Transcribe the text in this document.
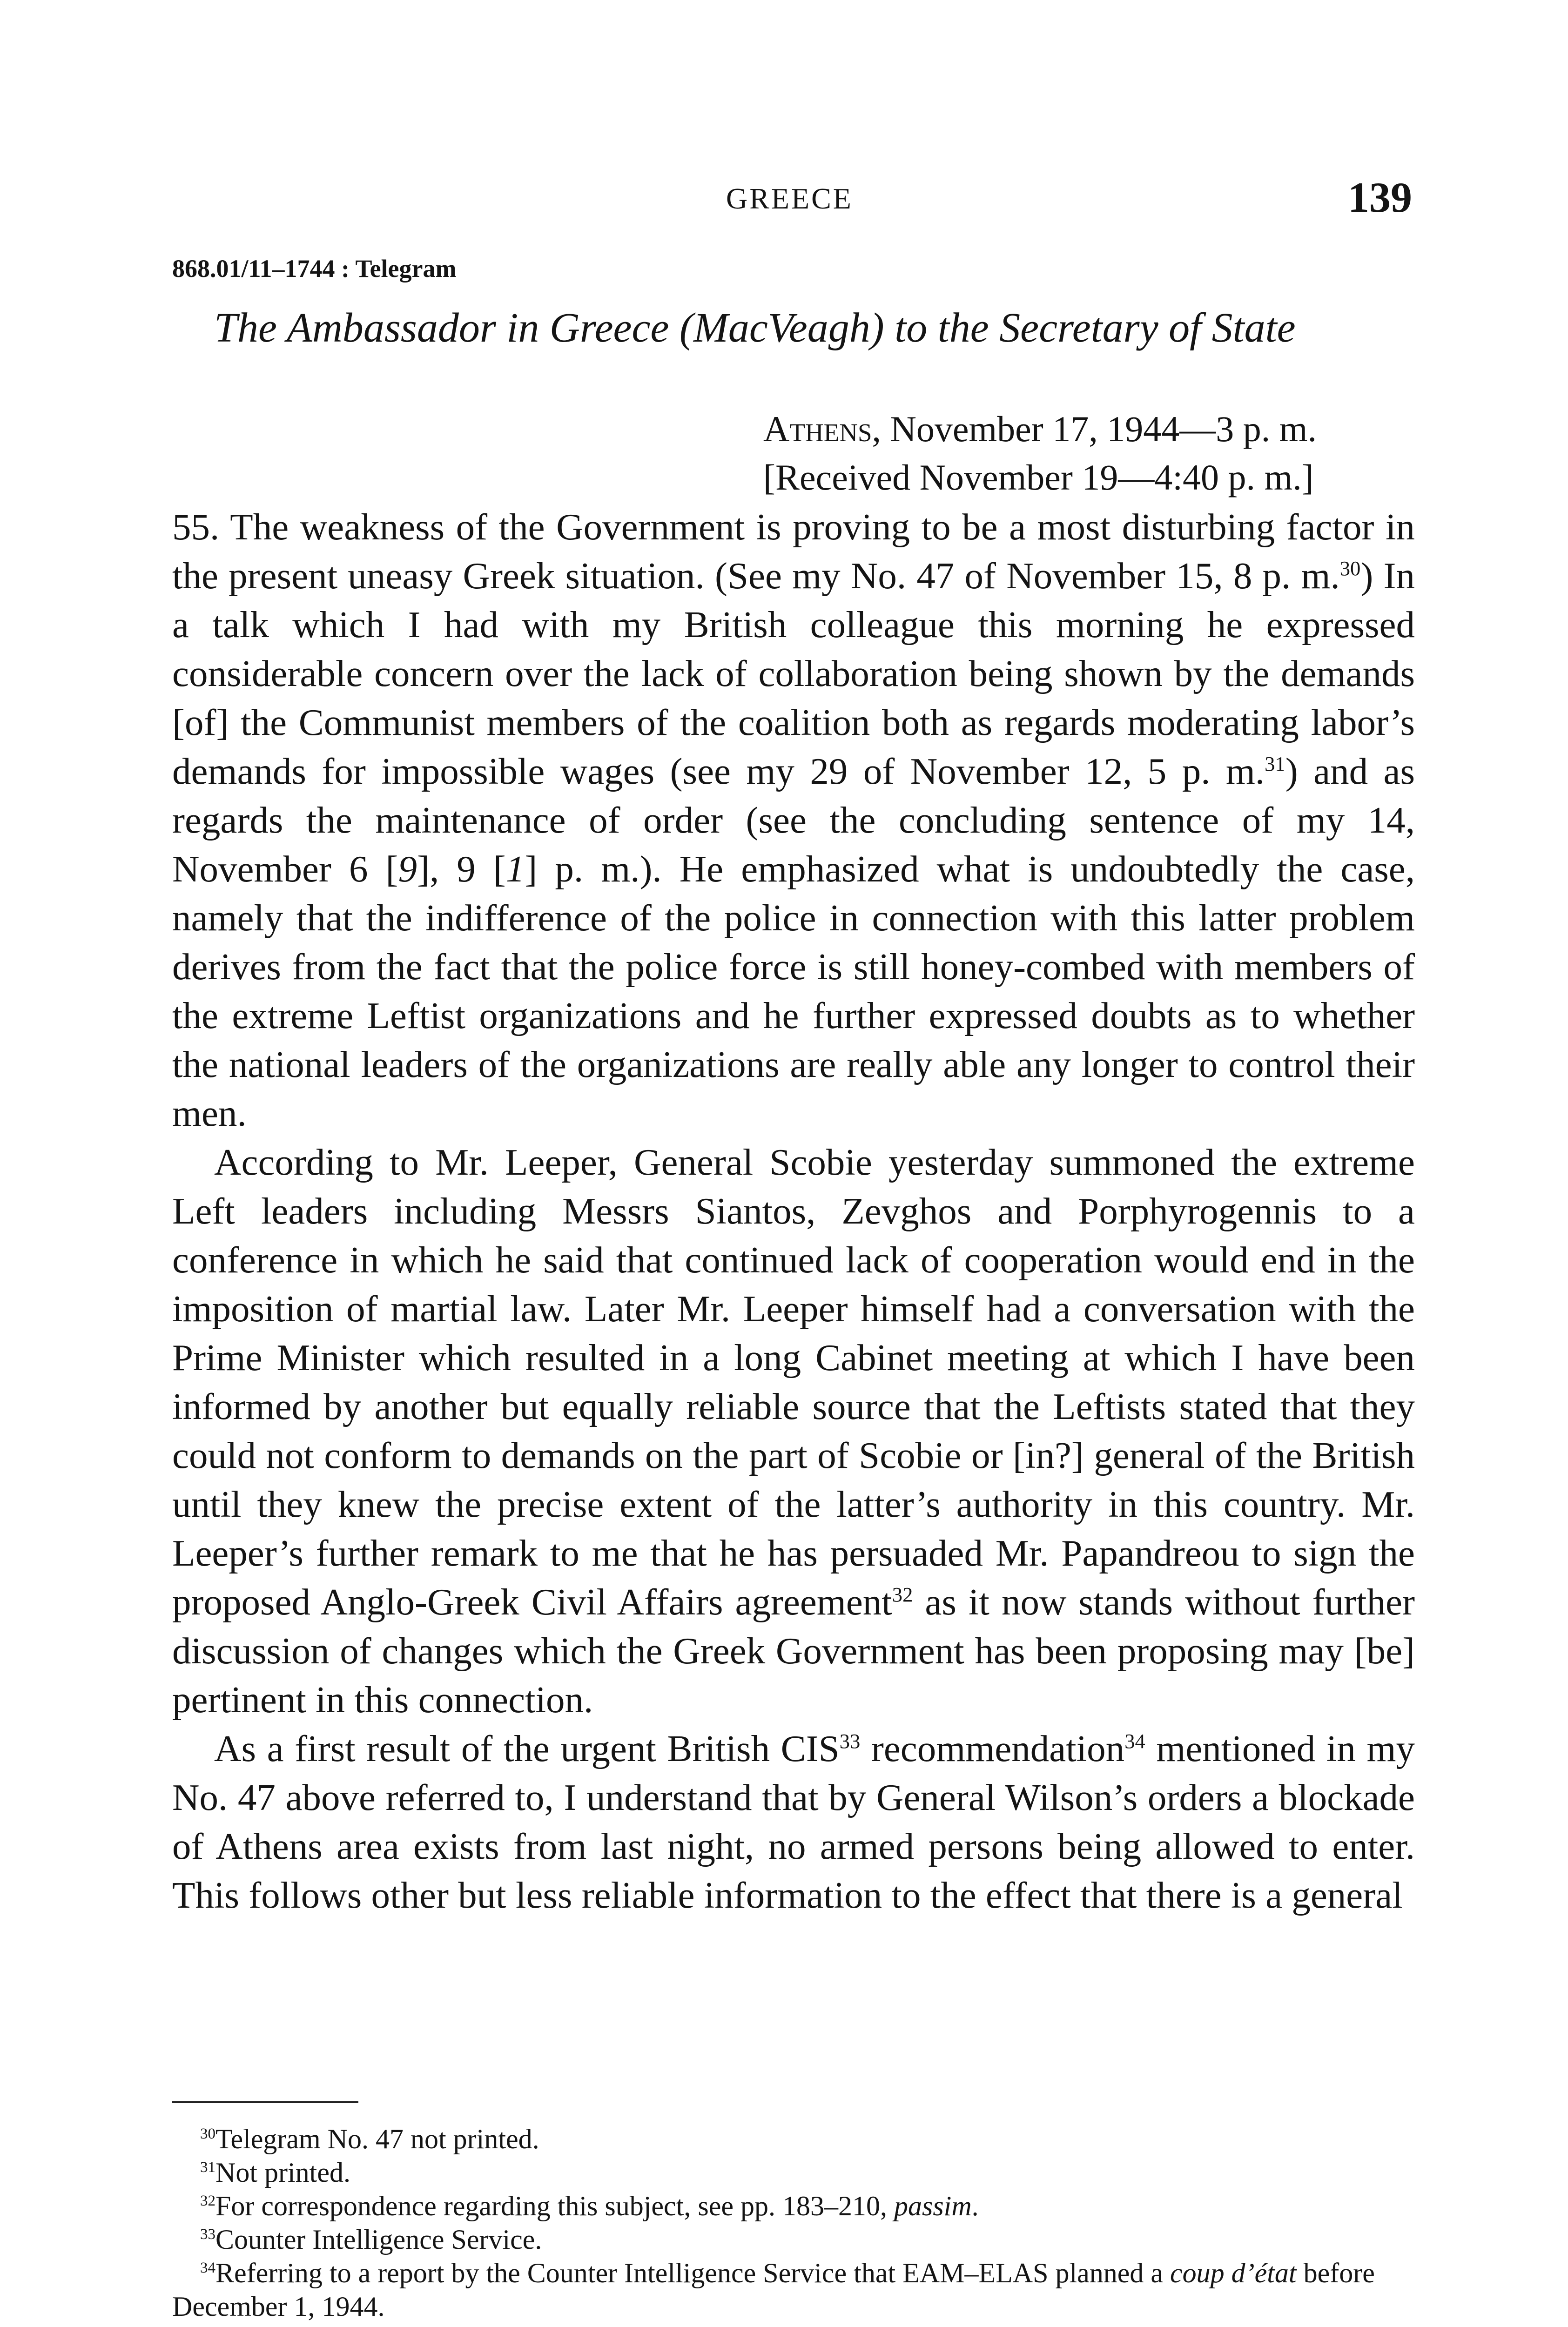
GREECE	139
868.01/11–1744 : Telegram
The Ambassador in Greece (MacVeagh) to the Secretary of State
Athens, November 17, 1944—3 p. m.
[Received November 19—4:40 p. m.]

55. The weakness of the Government is proving to be a most disturbing factor in the present uneasy Greek situation. (See my No. 47 of November 15, 8 p. m.$^{30}$) In a talk which I had with my British colleague this morning he expressed considerable concern over the lack of collaboration being shown by the demands [of] the Communist members of the coalition both as regards moderating labor’s demands for impossible wages (see my 29 of November 12, 5 p. m.$^{31}$) and as regards the maintenance of order (see the concluding sentence of my 14, November 6 [9], 9 [1] p. m.). He emphasized what is undoubtedly the case, namely that the indifference of the police in connection with this latter problem derives from the fact that the police force is still honey-combed with members of the extreme Leftist organizations and he further expressed doubts as to whether the national leaders of the organizations are really able any longer to control their men.

According to Mr. Leeper, General Scobie yesterday summoned the extreme Left leaders including Messrs Siantos, Zevghos and Porphyrogennis to a conference in which he said that continued lack of cooperation would end in the imposition of martial law. Later Mr. Leeper himself had a conversation with the Prime Minister which resulted in a long Cabinet meeting at which I have been informed by another but equally reliable source that the Leftists stated that they could not conform to demands on the part of Scobie or [in?] general of the British until they knew the precise extent of the latter’s authority in this country. Mr. Leeper’s further remark to me that he has persuaded Mr. Papandreou to sign the proposed Anglo-Greek Civil Affairs agreement$^{32}$ as it now stands without further discussion of changes which the Greek Government has been proposing may [be] pertinent in this connection.

As a first result of the urgent British CIS$^{33}$ recommendation$^{34}$ mentioned in my No. 47 above referred to, I understand that by General Wilson’s orders a blockade of Athens area exists from last night, no armed persons being allowed to enter. This follows other but less reliable information to the effect that there is a general

$^{30}$Telegram No. 47 not printed.
$^{31}$Not printed.
$^{32}$For correspondence regarding this subject, see pp. 183–210, passim.
$^{33}$Counter Intelligence Service.
$^{34}$Referring to a report by the Counter Intelligence Service that EAM–ELAS planned a coup d’état before December 1, 1944.
